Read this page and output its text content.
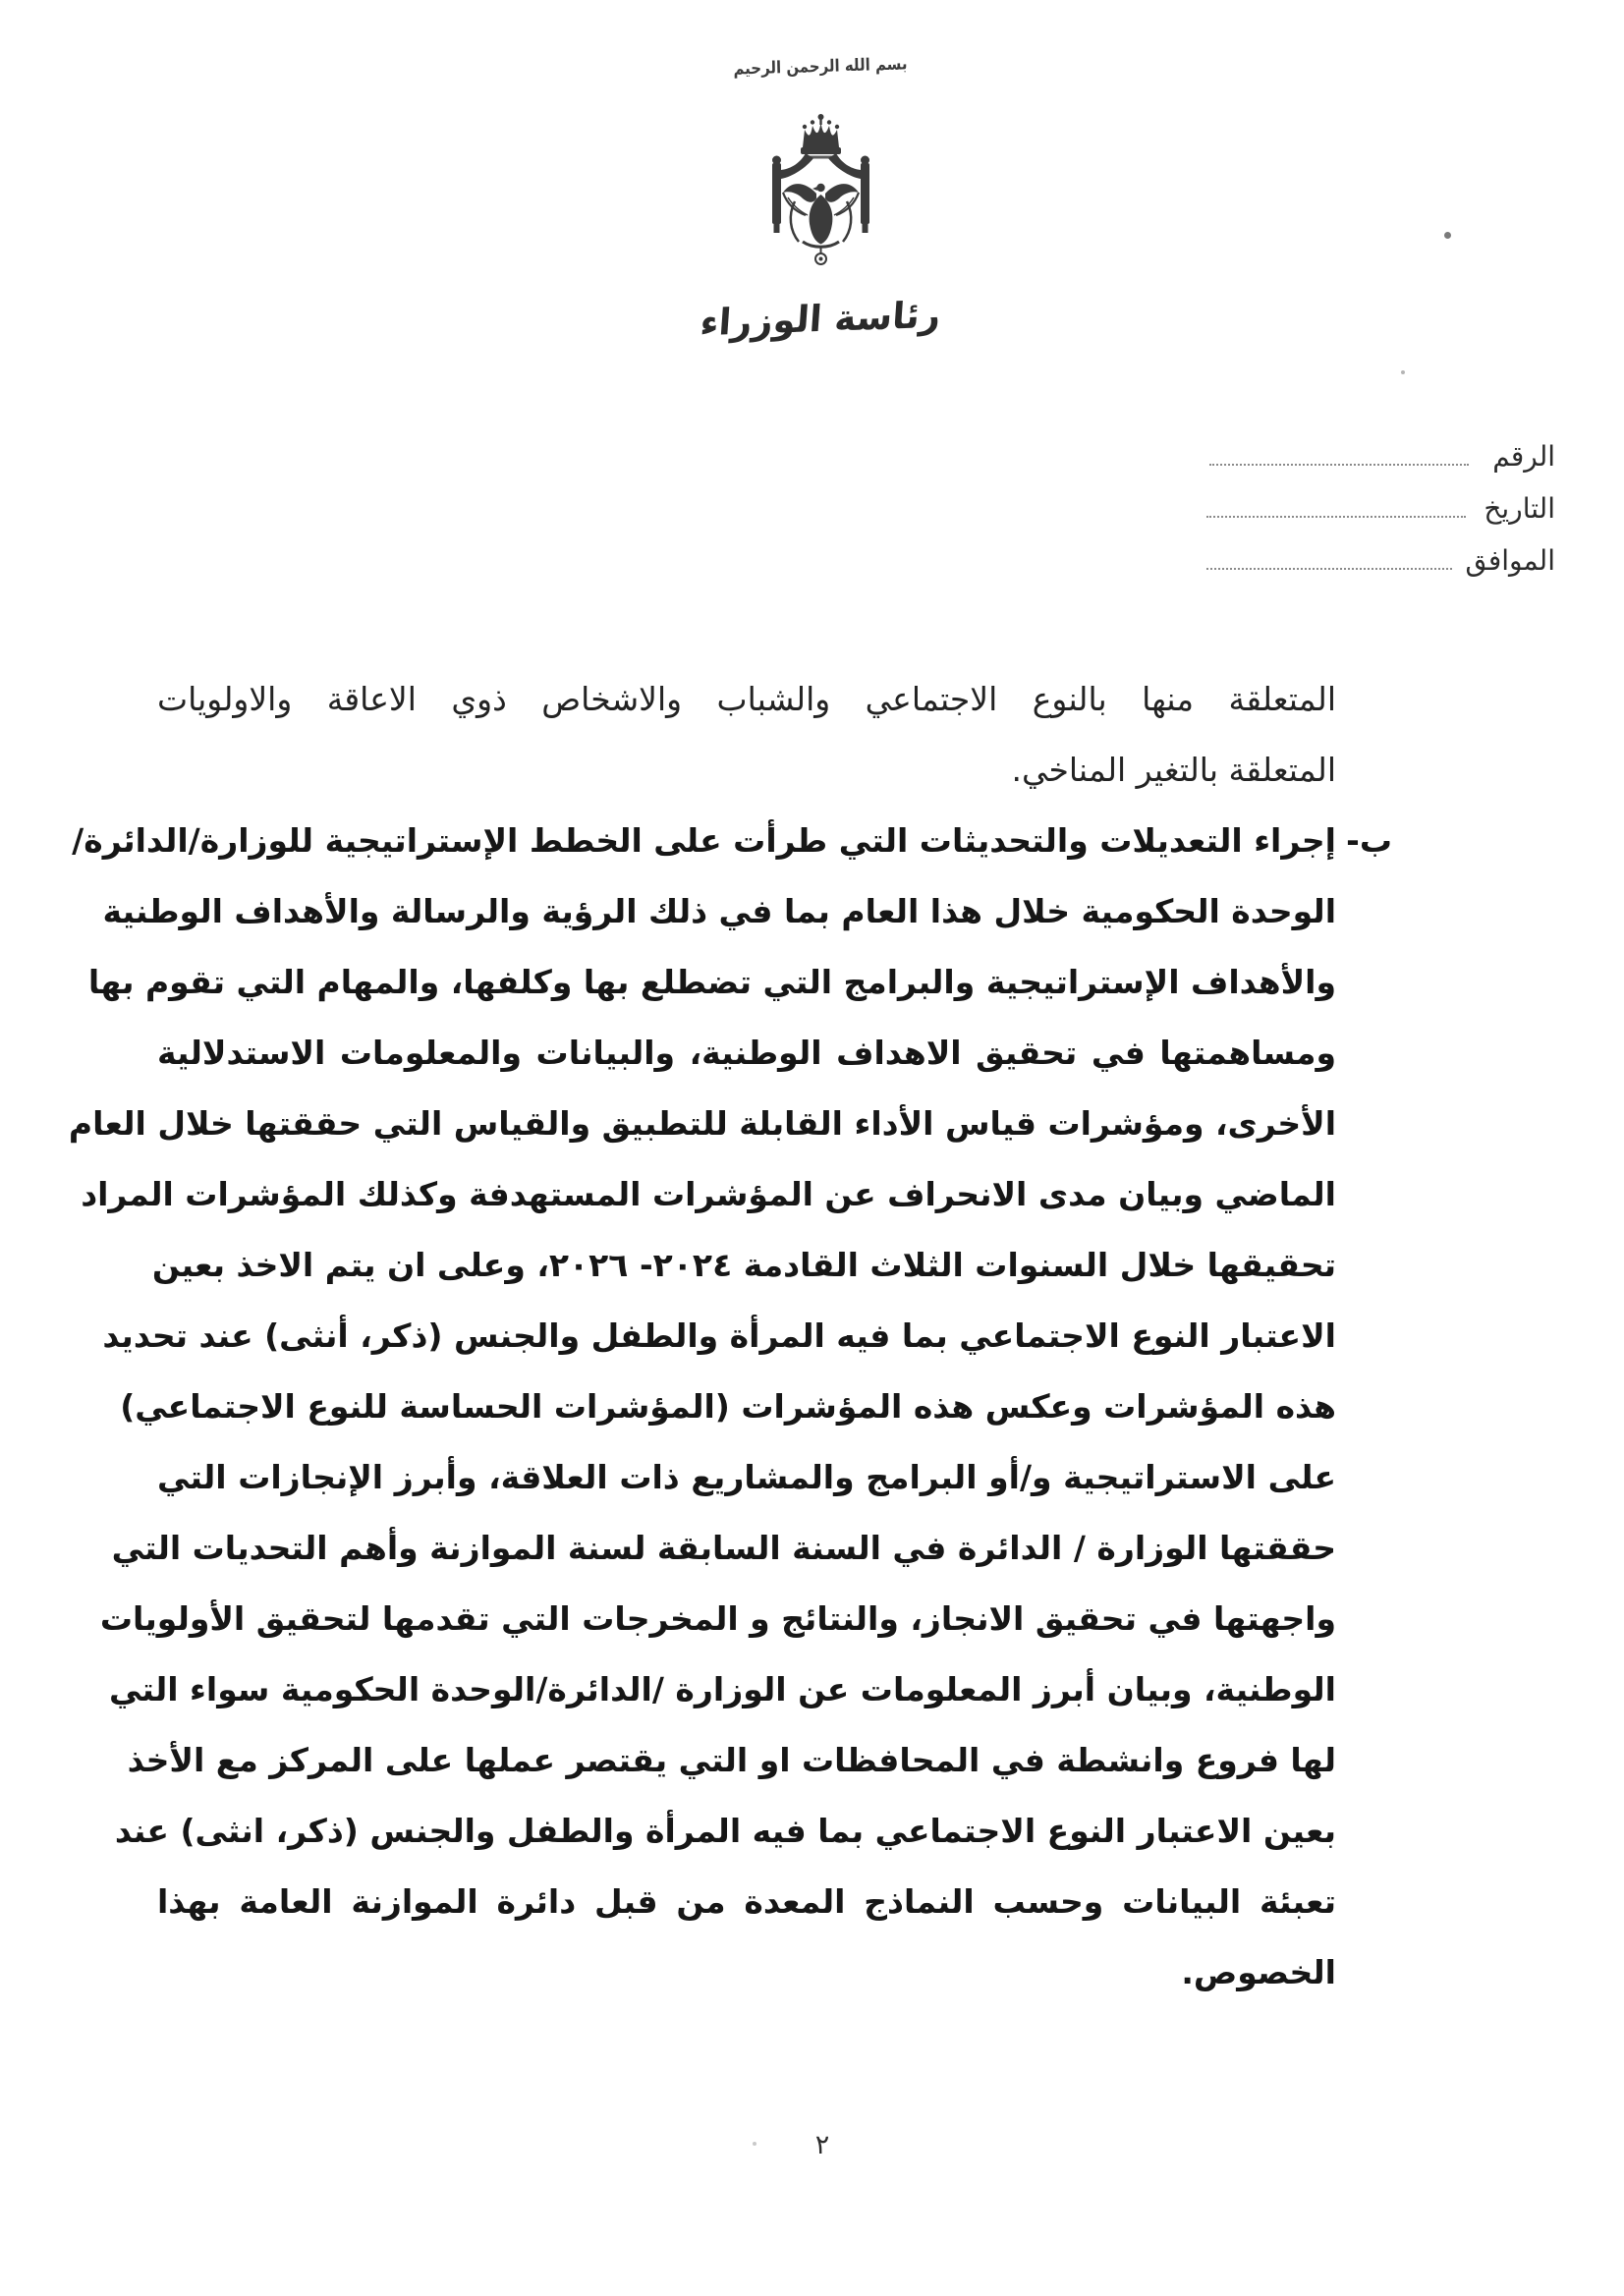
بسم الله الرحمن الرحيم
رئاسة الوزراء
الرقم
التاريخ
الموافق
المتعلقة منها بالنوع الاجتماعي والشباب والاشخاص ذوي الاعاقة والاولويات
المتعلقة بالتغير المناخي.
ب-
إجراء التعديلات والتحديثات التي طرأت على الخطط الإستراتيجية للوزارة/الدائرة/
الوحدة الحكومية خلال هذا العام بما في ذلك الرؤية والرسالة والأهداف الوطنية
والأهداف الإستراتيجية والبرامج التي تضطلع بها وكلفها، والمهام التي تقوم بها
ومساهمتها في تحقيق الاهداف الوطنية، والبيانات والمعلومات الاستدلالية
الأخرى، ومؤشرات قياس الأداء القابلة للتطبيق والقياس التي حققتها خلال العام
الماضي وبيان مدى الانحراف عن المؤشرات المستهدفة وكذلك المؤشرات المراد
تحقيقها خلال السنوات الثلاث القادمة ٢٠٢٤- ٢٠٢٦، وعلى ان يتم الاخذ بعين
الاعتبار النوع الاجتماعي بما فيه المرأة والطفل والجنس (ذكر، أنثى) عند تحديد
هذه المؤشرات وعكس هذه المؤشرات (المؤشرات الحساسة للنوع الاجتماعي)
على الاستراتيجية و/أو البرامج والمشاريع ذات العلاقة، وأبرز الإنجازات التي
حققتها الوزارة / الدائرة في السنة السابقة لسنة الموازنة وأهم التحديات التي
واجهتها في تحقيق الانجاز، والنتائج و المخرجات التي تقدمها لتحقيق الأولويات
الوطنية، وبيان أبرز المعلومات عن الوزارة /الدائرة/الوحدة الحكومية سواء التي
لها فروع وانشطة في المحافظات او التي يقتصر عملها على المركز مع الأخذ
بعين الاعتبار النوع الاجتماعي بما فيه المرأة والطفل والجنس (ذكر، انثى) عند
تعبئة البيانات وحسب النماذج المعدة من قبل دائرة الموازنة العامة بهذا
الخصوص.
٢
